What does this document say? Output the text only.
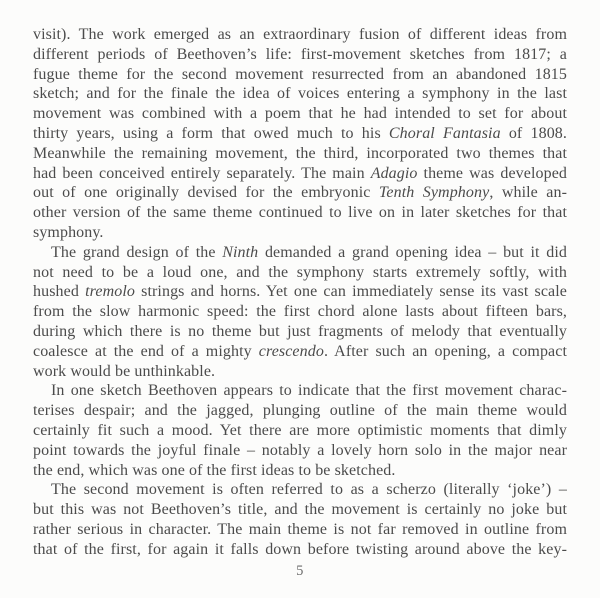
visit). The work emerged as an extraordinary fusion of different ideas from
different periods of Beethoven’s life: first-movement sketches from 1817; a
fugue theme for the second movement resurrected from an abandoned 1815
sketch; and for the finale the idea of voices entering a symphony in the last
movement was combined with a poem that he had intended to set for about
thirty years, using a form that owed much to his Choral Fantasia of 1808.
Meanwhile the remaining movement, the third, incorporated two themes that
had been conceived entirely separately. The main Adagio theme was developed
out of one originally devised for the embryonic Tenth Symphony, while an-
other version of the same theme continued to live on in later sketches for that
symphony.
The grand design of the Ninth demanded a grand opening idea – but it did
not need to be a loud one, and the symphony starts extremely softly, with
hushed tremolo strings and horns. Yet one can immediately sense its vast scale
from the slow harmonic speed: the first chord alone lasts about fifteen bars,
during which there is no theme but just fragments of melody that eventually
coalesce at the end of a mighty crescendo. After such an opening, a compact
work would be unthinkable.
In one sketch Beethoven appears to indicate that the first movement charac-
terises despair; and the jagged, plunging outline of the main theme would
certainly fit such a mood. Yet there are more optimistic moments that dimly
point towards the joyful finale – notably a lovely horn solo in the major near
the end, which was one of the first ideas to be sketched.
The second movement is often referred to as a scherzo (literally ‘joke’) –
but this was not Beethoven’s title, and the movement is certainly no joke but
rather serious in character. The main theme is not far removed in outline from
that of the first, for again it falls down before twisting around above the key-
5
